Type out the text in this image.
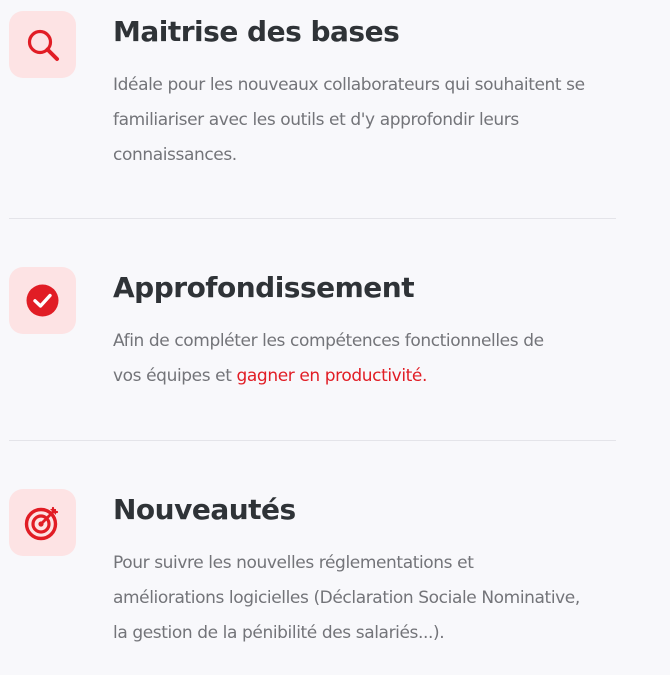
Maitrise des bases

Idéale pour les nouveaux collaborateurs qui souhaitent se
familiariser avec les outils et d'y approfondir leurs
connaissances.

Approfondissement

Afin de compléter les compétences fonctionnelles de
vos équipes et gagner en productivité.

Nouveautés

Pour suivre les nouvelles réglementations et
améliorations logicielles (Déclaration Sociale Nominative,
la gestion de la pénibilité des salariés...).
